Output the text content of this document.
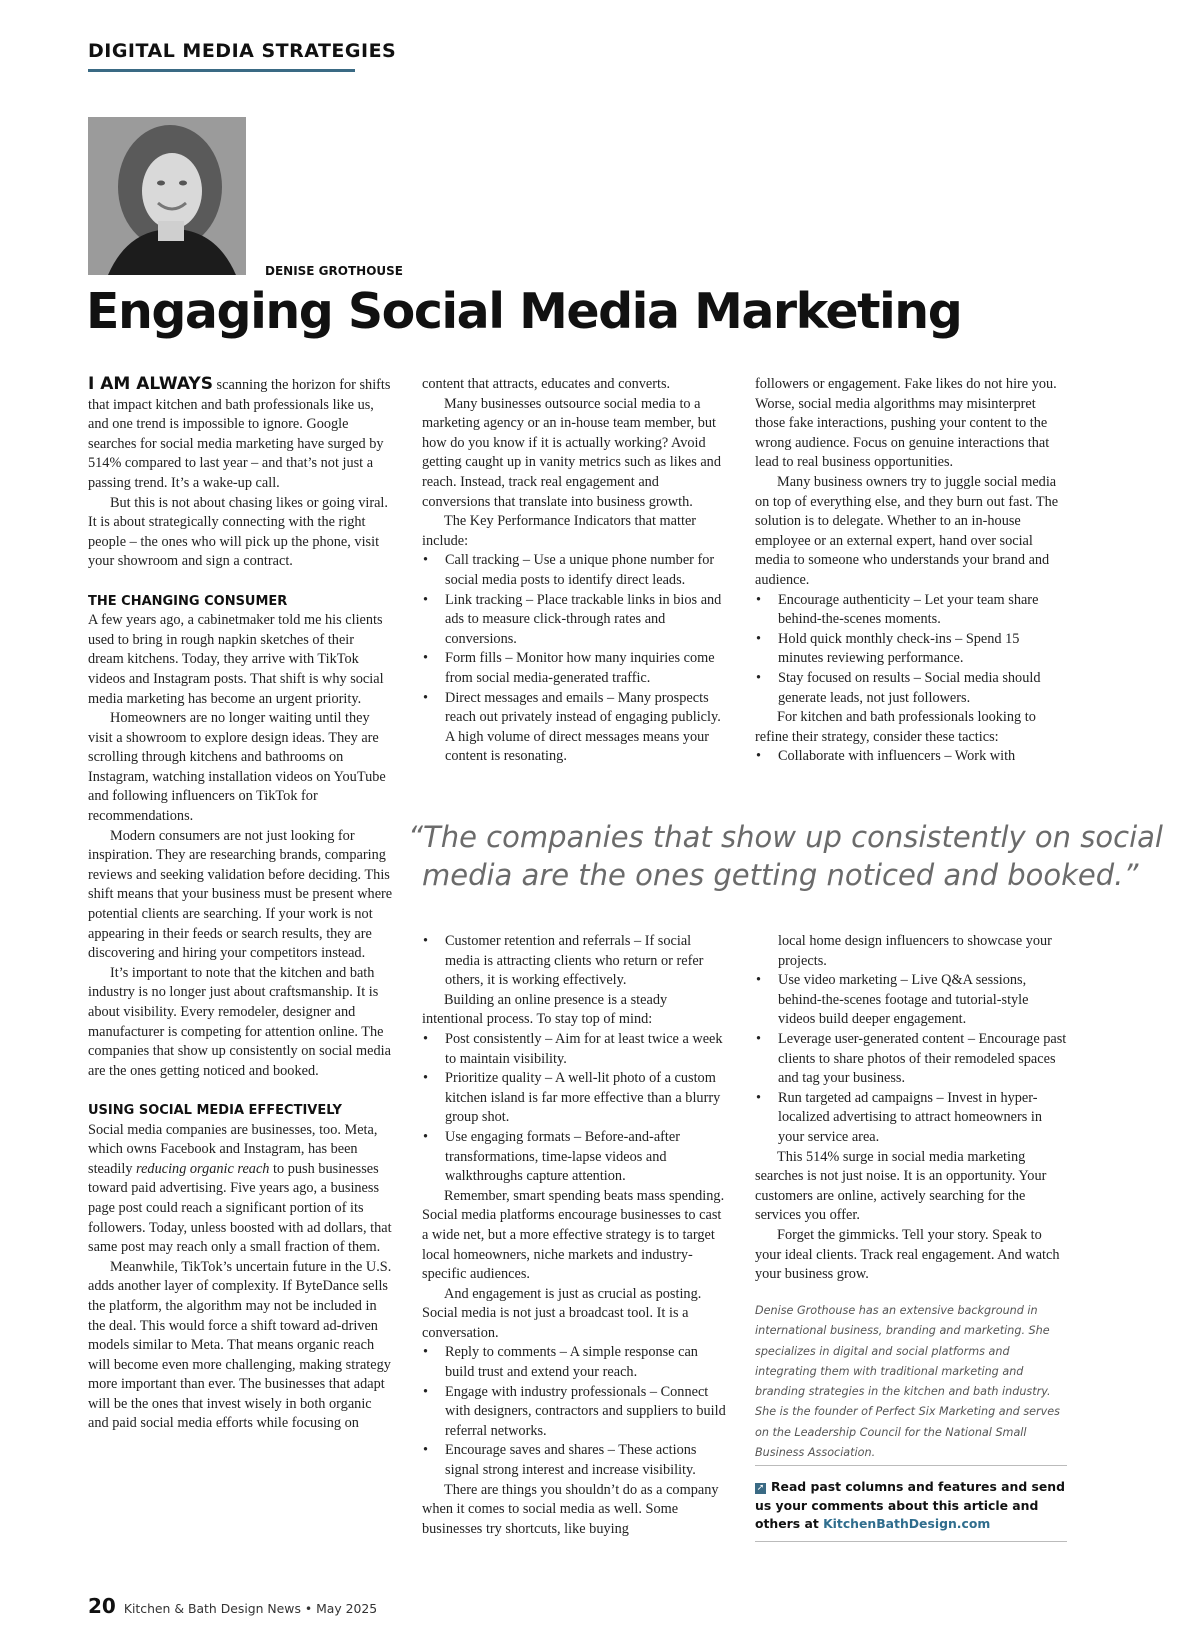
DIGITAL MEDIA STRATEGIES
DENISE GROTHOUSE
Engaging Social Media Marketing

I AM ALWAYS scanning the horizon for shifts that impact kitchen and bath professionals like us, and one trend is impossible to ignore. Google searches for social media marketing have surged by 514% compared to last year – and that’s not just a passing trend. It’s a wake-up call.

But this is not about chasing likes or going viral. It is about strategically connecting with the right people – the ones who will pick up the phone, visit your showroom and sign a contract.

THE CHANGING CONSUMER

A few years ago, a cabinetmaker told me his clients used to bring in rough napkin sketches of their dream kitchens. Today, they arrive with TikTok videos and Instagram posts. That shift is why social media marketing has become an urgent priority.

Homeowners are no longer waiting until they visit a showroom to explore design ideas. They are scrolling through kitchens and bathrooms on Instagram, watching installation videos on YouTube and following influencers on TikTok for recommendations.

Modern consumers are not just looking for inspiration. They are researching brands, comparing reviews and seeking validation before deciding. This shift means that your business must be present where potential clients are searching. If your work is not appearing in their feeds or search results, they are discovering and hiring your competitors instead.

It’s important to note that the kitchen and bath industry is no longer just about craftsmanship. It is about visibility. Every remodeler, designer and manufacturer is competing for attention online. The companies that show up consistently on social media are the ones getting noticed and booked.

USING SOCIAL MEDIA EFFECTIVELY

Social media companies are businesses, too. Meta, which owns Facebook and Instagram, has been steadily reducing organic reach to push businesses toward paid advertising. Five years ago, a business page post could reach a significant portion of its followers. Today, unless boosted with ad dollars, that same post may reach only a small fraction of them.

Meanwhile, TikTok’s uncertain future in the U.S. adds another layer of complexity. If ByteDance sells the platform, the algorithm may not be included in the deal. This would force a shift toward ad-driven models similar to Meta. That means organic reach will become even more challenging, making strategy more important than ever. The businesses that adapt will be the ones that invest wisely in both organic and paid social media efforts while focusing on

content that attracts, educates and converts.

Many businesses outsource social media to a marketing agency or an in-house team member, but how do you know if it is actually working? Avoid getting caught up in vanity metrics such as likes and reach. Instead, track real engagement and conversions that translate into business growth.

The Key Performance Indicators that matter include:

• Call tracking – Use a unique phone number for social media posts to identify direct leads.
• Link tracking – Place trackable links in bios and ads to measure click-through rates and conversions.
• Form fills – Monitor how many inquiries come from social media-generated traffic.
• Direct messages and emails – Many prospects reach out privately instead of engaging publicly. A high volume of direct messages means your content is resonating.

followers or engagement. Fake likes do not hire you. Worse, social media algorithms may misinterpret those fake interactions, pushing your content to the wrong audience. Focus on genuine interactions that lead to real business opportunities.

Many business owners try to juggle social media on top of everything else, and they burn out fast. The solution is to delegate. Whether to an in-house employee or an external expert, hand over social media to someone who understands your brand and audience.

• Encourage authenticity – Let your team share behind-the-scenes moments.
• Hold quick monthly check-ins – Spend 15 minutes reviewing performance.
• Stay focused on results – Social media should generate leads, not just followers.

For kitchen and bath professionals looking to refine their strategy, consider these tactics:

• Collaborate with influencers – Work with
“The companies that show up consistently on social
media are the ones getting noticed and booked.”
• Customer retention and referrals – If social media is attracting clients who return or refer others, it is working effectively.

Building an online presence is a steady intentional process. To stay top of mind:

• Post consistently – Aim for at least twice a week to maintain visibility.
• Prioritize quality – A well-lit photo of a custom kitchen island is far more effective than a blurry group shot.
• Use engaging formats – Before-and-after transformations, time-lapse videos and walkthroughs capture attention.

Remember, smart spending beats mass spending. Social media platforms encourage businesses to cast a wide net, but a more effective strategy is to target local homeowners, niche markets and industry-specific audiences.

And engagement is just as crucial as posting. Social media is not just a broadcast tool. It is a conversation.

• Reply to comments – A simple response can build trust and extend your reach.
• Engage with industry professionals – Connect with designers, contractors and suppliers to build referral networks.
• Encourage saves and shares – These actions signal strong interest and increase visibility.

There are things you shouldn’t do as a company when it comes to social media as well. Some businesses try shortcuts, like buying

local home design influencers to showcase your projects.

• Use video marketing – Live Q&A sessions, behind-the-scenes footage and tutorial-style videos build deeper engagement.
• Leverage user-generated content – Encourage past clients to share photos of their remodeled spaces and tag your business.
• Run targeted ad campaigns – Invest in hyper-localized advertising to attract homeowners in your service area.

This 514% surge in social media marketing searches is not just noise. It is an opportunity. Your customers are online, actively searching for the services you offer.

Forget the gimmicks. Tell your story. Speak to your ideal clients. Track real engagement. And watch your business grow.

Denise Grothouse has an extensive background in international business, branding and marketing. She specializes in digital and social platforms and integrating them with traditional marketing and branding strategies in the kitchen and bath industry. She is the founder of Perfect Six Marketing and serves on the Leadership Council for the National Small Business Association.
➚ Read past columns and features and send us your comments about this article and others at KitchenBathDesign.com
20 Kitchen & Bath Design News • May 2025
